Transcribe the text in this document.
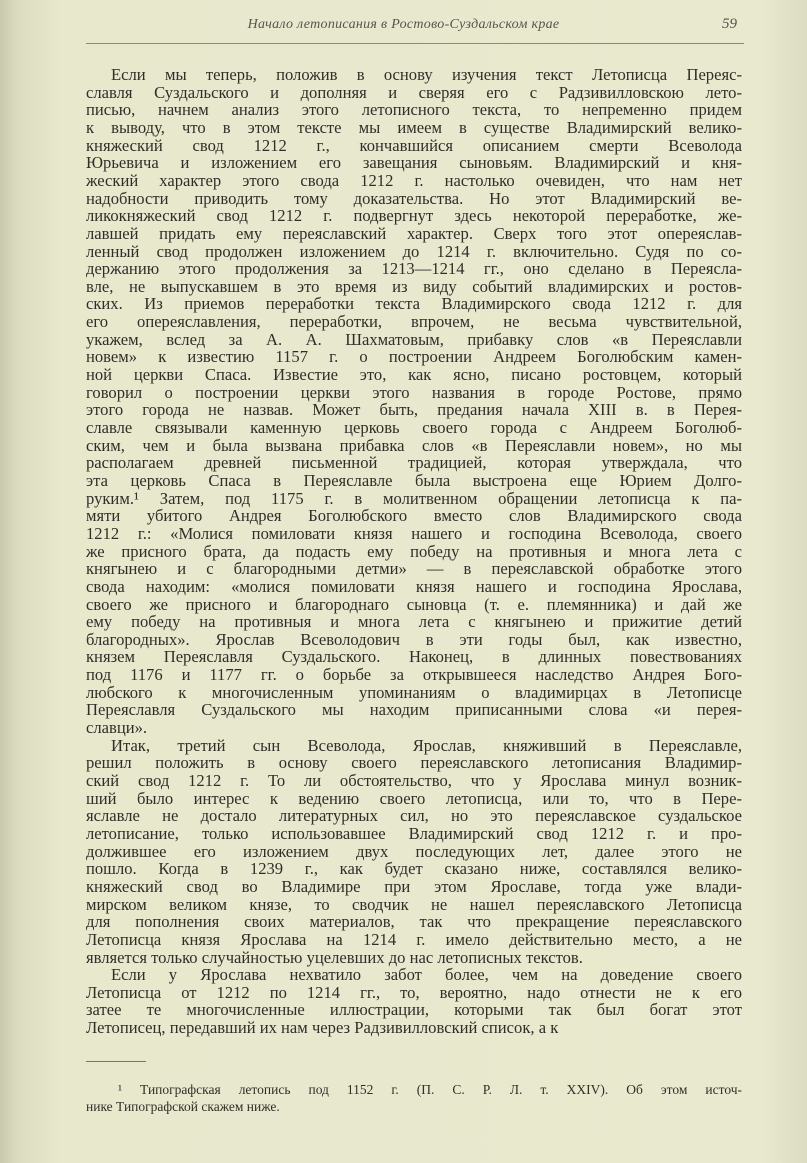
Начало летописания в Ростово-Суздальском крае	59
Если мы теперь, положив в основу изучения текст Летописца Переяс-
славля Суздальского и дополняя и сверяя его с Радзивилловскою лето-
писью, начнем анализ этого летописного текста, то непременно придем
к выводу, что в этом тексте мы имеем в существе Владимирский велико-
княжеский свод 1212 г., кончавшийся описанием смерти Всеволода
Юрьевича и изложением его завещания сыновьям. Владимирский и кня-
жеский характер этого свода 1212 г. настолько очевиден, что нам нет
надобности приводить тому доказательства. Но этот Владимирский ве-
ликокняжеский свод 1212 г. подвергнут здесь некоторой переработке, же-
лавшей придать ему переяславский характер. Сверх того этот опереяслав-
ленный свод продолжен изложением до 1214 г. включительно. Судя по со-
держанию этого продолжения за 1213—1214 гг., оно сделано в Переясла-
вле, не выпускавшем в это время из виду событий владимирских и ростов-
ских. Из приемов переработки текста Владимирского свода 1212 г. для
его опереяславления, переработки, впрочем, не весьма чувствительной,
укажем, вслед за А. А. Шахматовым, прибавку слов «в Переяславли
новем» к известию 1157 г. о построении Андреем Боголюбским камен-
ной церкви Спаса. Известие это, как ясно, писано ростовцем, который
говорил о построении церкви этого названия в городе Ростове, прямо
этого города не назвав. Может быть, предания начала XIII в. в Перея-
славле связывали каменную церковь своего города с Андреем Боголюб-
ским, чем и была вызвана прибавка слов «в Переяславли новем», но мы
располагаем древней письменной традицией, которая утверждала, что
эта церковь Спаса в Переяславле была выстроена еще Юрием Долго-
руким.¹ Затем, под 1175 г. в молитвенном обращении летописца к па-
мяти убитого Андрея Боголюбского вместо слов Владимирского свода
1212 г.: «Молися помиловати князя нашего и господина Всеволода, своего
же присного брата, да подасть ему победу на противныя и многа лета с
княгынею и с благородными детми» — в переяславской обработке этого
свода находим: «молися помиловати князя нашего и господина Ярослава,
своего же присного и благороднаго сыновца (т. е. племянника) и дай же
ему победу на противныя и многа лета с княгынею и прижитие детий
благородных». Ярослав Всеволодович в эти годы был, как известно,
князем Переяславля Суздальского. Наконец, в длинных повествованиях
под 1176 и 1177 гг. о борьбе за открывшееся наследство Андрея Бого-
любского к многочисленным упоминаниям о владимирцах в Летописце
Переяславля Суздальского мы находим приписанными слова «и перея-
славци».
Итак, третий сын Всеволода, Ярослав, княживший в Переяславле,
решил положить в основу своего переяславского летописания Владимир-
ский свод 1212 г. То ли обстоятельство, что у Ярослава минул возник-
ший было интерес к ведению своего летописца, или то, что в Пере-
яславле не достало литературных сил, но это переяславское суздальское
летописание, только использовавшее Владимирский свод 1212 г. и про-
должившее его изложением двух последующих лет, далее этого не
пошло. Когда в 1239 г., как будет сказано ниже, составлялся велико-
княжеский свод во Владимире при этом Ярославе, тогда уже влади-
мирском великом князе, то сводчик не нашел переяславского Летописца
для пополнения своих материалов, так что прекращение переяславского
Летописца князя Ярослава на 1214 г. имело действительно место, а не
является только случайностью уцелевших до нас летописных текстов.
Если у Ярослава нехватило забот более, чем на доведение своего
Летописца от 1212 по 1214 гг., то, вероятно, надо отнести не к его
затее те многочисленные иллюстрации, которыми так был богат этот
Летописец, передавший их нам через Радзивилловский список, а к
¹ Типографская летопись под 1152 г. (П. С. Р. Л. т. XXIV). Об этом источ-
нике Типографской скажем ниже.
